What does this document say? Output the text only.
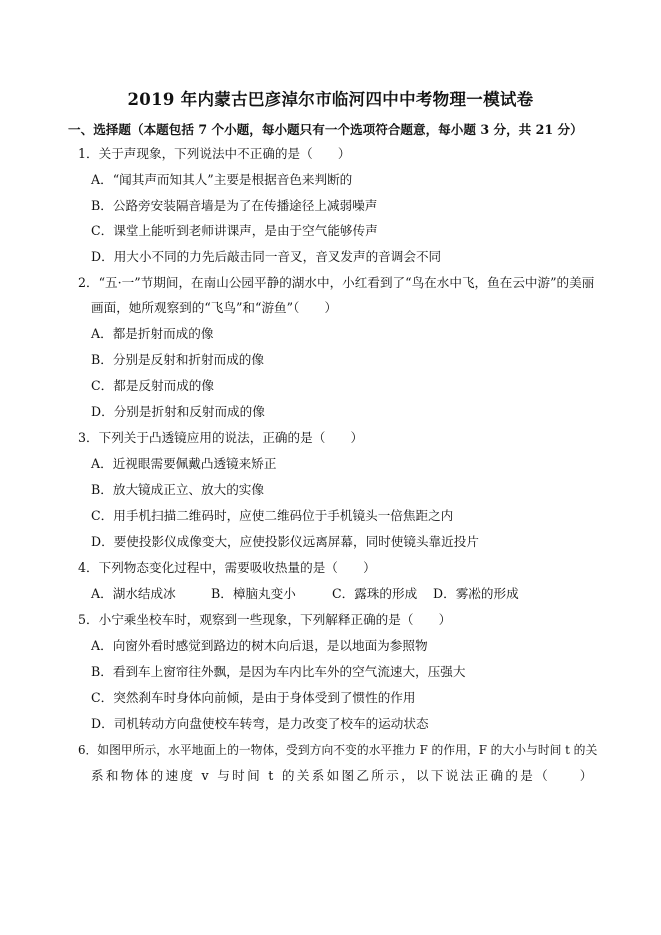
2019 年内蒙古巴彦淖尔市临河四中中考物理一模试卷
一、选择题（本题包括 7 个小题，每小题只有一个选项符合题意，每小题 3 分，共 21 分）
1．关于声现象，下列说法中不正确的是（　　）
A．“闻其声而知其人”主要是根据音色来判断的
B．公路旁安装隔音墙是为了在传播途径上减弱噪声
C．课堂上能听到老师讲课声，是由于空气能够传声
D．用大小不同的力先后敲击同一音叉，音叉发声的音调会不同
2．“五·一”节期间，在南山公园平静的湖水中，小红看到了“鸟在水中飞，鱼在云中游”的美丽
画面，她所观察到的“飞鸟”和“游鱼”（　　）
A．都是折射而成的像
B．分别是反射和折射而成的像
C．都是反射而成的像
D．分别是折射和反射而成的像
3．下列关于凸透镜应用的说法，正确的是（　　）
A．近视眼需要佩戴凸透镜来矫正
B．放大镜成正立、放大的实像
C．用手机扫描二维码时，应使二维码位于手机镜头一倍焦距之内
D．要使投影仪成像变大，应使投影仪远离屏幕，同时使镜头靠近投片
4．下列物态变化过程中，需要吸收热量的是（　　）
A．湖水结成冰	B．樟脑丸变小	C．露珠的形成 D．雾凇的形成
5．小宁乘坐校车时，观察到一些现象，下列解释正确的是（　　）
A．向窗外看时感觉到路边的树木向后退，是以地面为参照物
B．看到车上窗帘往外飘，是因为车内比车外的空气流速大，压强大
C．突然刹车时身体向前倾，是由于身体受到了惯性的作用
D．司机转动方向盘使校车转弯，是力改变了校车的运动状态
6．如图甲所示，水平地面上的一物体，受到方向不变的水平推力 F 的作用，F 的大小与时间 t 的关
系和物体的速度 v 与时间 t 的关系如图乙所示，以下说法正确的是（　　）
